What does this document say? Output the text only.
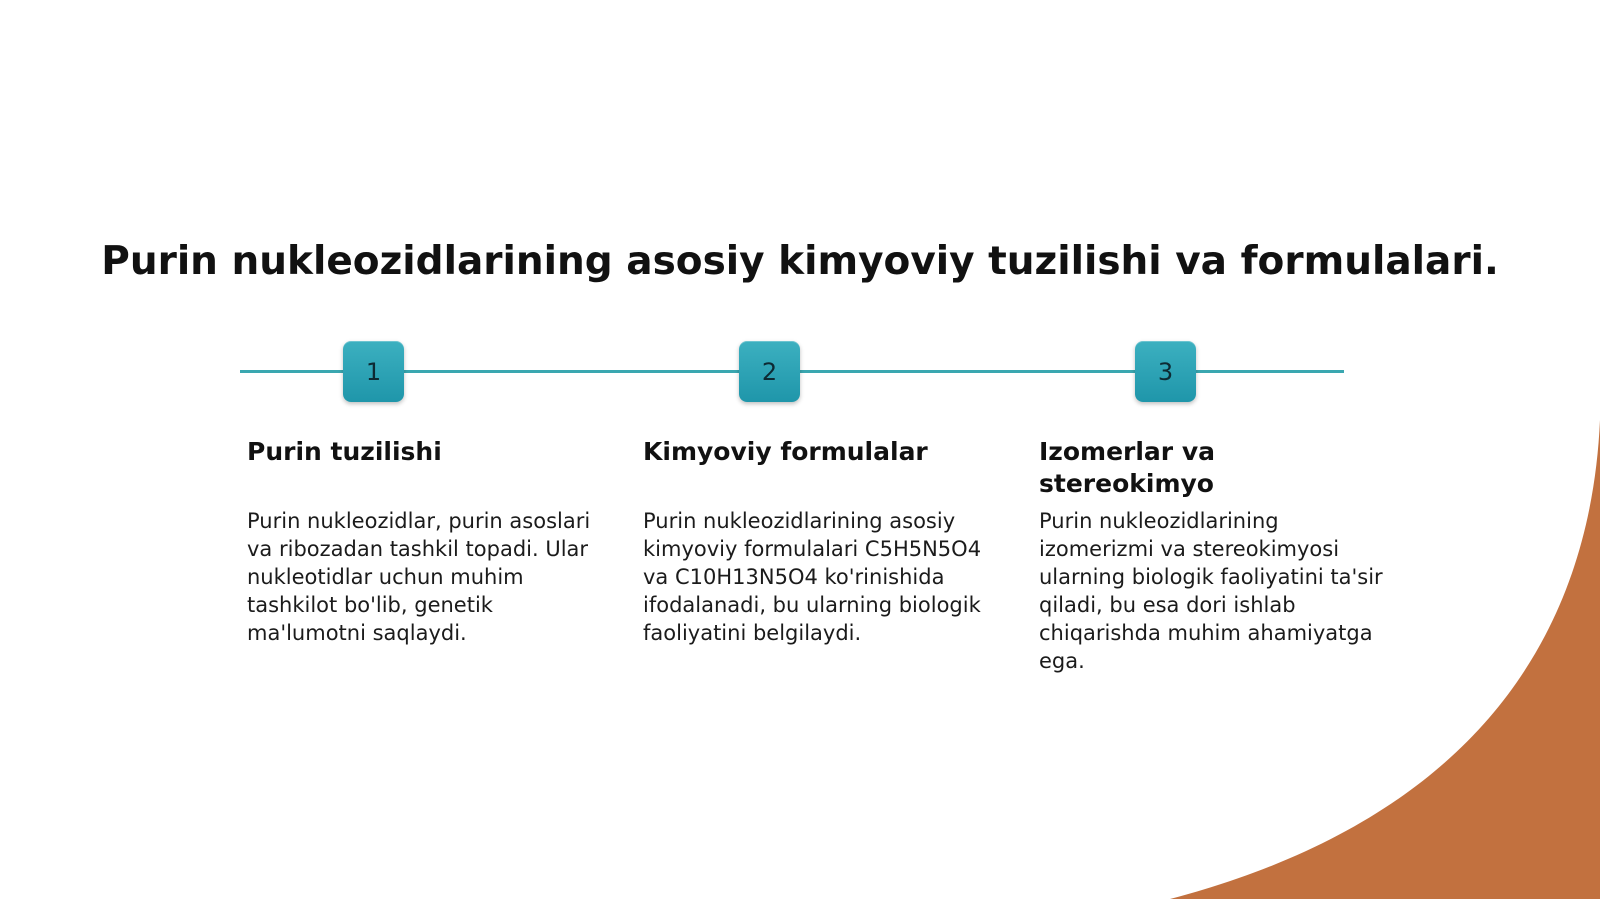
Purin nukleozidlarining asosiy kimyoviy tuzilishi va formulalari.
1	2	3
Purin tuzilishi

Purin nukleozidlar, purin asoslari va ribozadan tashkil topadi. Ular nukleotidlar uchun muhim tashkilot bo'lib, genetik ma'lumotni saqlaydi.

Kimyoviy formulalar

Purin nukleozidlarining asosiy kimyoviy formulalari C5H5N5O4 va C10H13N5O4 ko'rinishida ifodalanadi, bu ularning biologik faoliyatini belgilaydi.

Izomerlar va stereokimyo

Purin nukleozidlarining izomerizmi va stereokimyosi ularning biologik faoliyatini ta'sir qiladi, bu esa dori ishlab chiqarishda muhim ahamiyatga ega.
